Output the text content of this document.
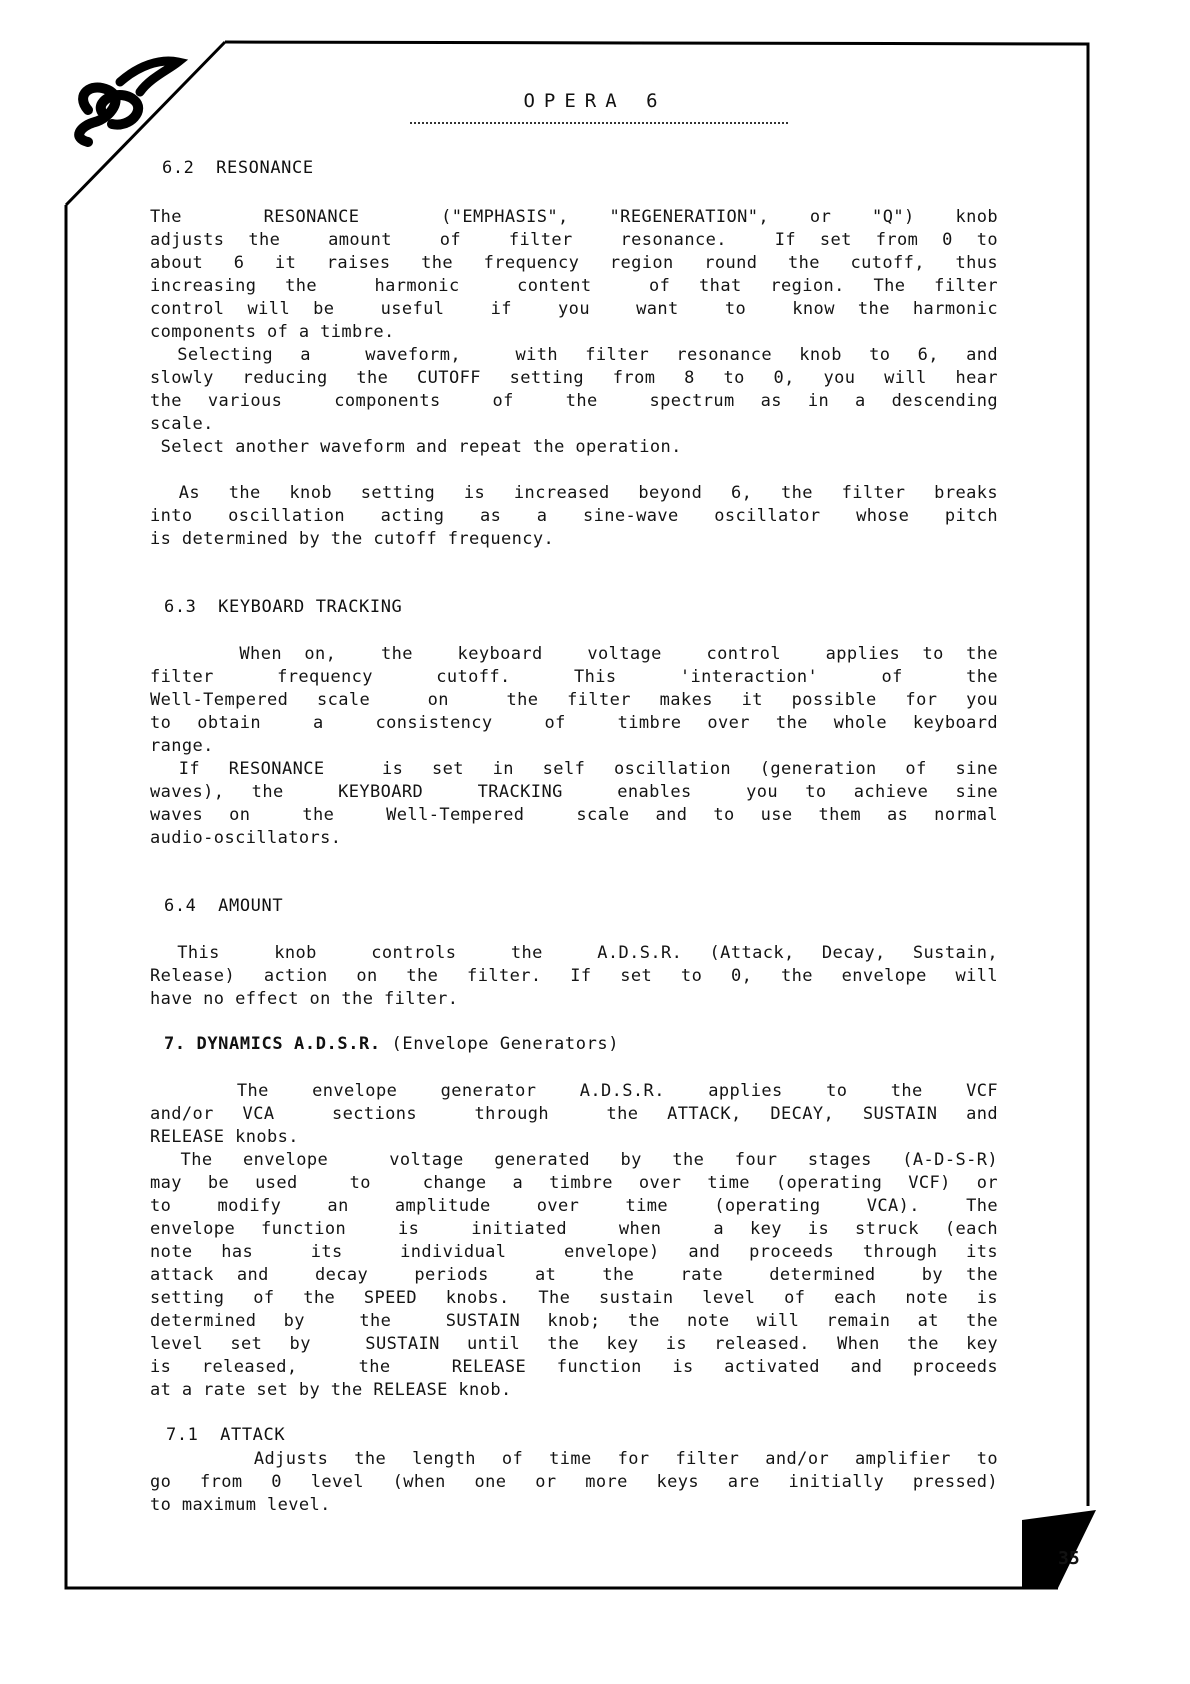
OPERA 6
6.2  RESONANCE
The  RESONANCE  ("EMPHASIS", "REGENERATION", or "Q") knob
adjusts the  amount  of  filter  resonance.  If set from 0 to
about 6 it raises the frequency region round the cutoff, thus
increasing the  harmonic  content  of that region. The filter
control will be  useful  if  you  want  to  know the harmonic
components of a timbre.
Selecting a  waveform,  with filter resonance knob to 6, and
slowly reducing the CUTOFF setting from 8 to 0, you will hear
the various  components  of  the  spectrum as in a descending
scale.
Select another waveform and repeat the operation.
As the knob setting is increased beyond 6, the filter breaks
into oscillation acting as a sine-wave oscillator whose pitch
is determined by the cutoff frequency.
6.3  KEYBOARD TRACKING
When on,  the  keyboard  voltage  control  applies to the
filter  frequency  cutoff.  This  'interaction'  of  the
Well-Tempered scale  on  the filter makes it possible for you
to obtain  a  consistency  of  timbre over the whole keyboard
range.
If RESONANCE  is set in self oscillation (generation of sine
waves), the  KEYBOARD  TRACKING  enables  you to achieve sine
waves on  the  Well-Tempered  scale and to use them as normal
audio-oscillators.
6.4  AMOUNT
This  knob  controls  the  A.D.S.R. (Attack, Decay, Sustain,
Release) action on the filter. If set to 0, the envelope will
have no effect on the filter.
7. DYNAMICS A.D.S.R. (Envelope Generators)
The  envelope  generator  A.D.S.R.  applies  to  the  VCF
and/or VCA  sections  through  the ATTACK, DECAY, SUSTAIN and
RELEASE knobs.
The envelope  voltage generated by the four stages (A-D-S-R)
may be used  to  change a timbre over time (operating VCF) or
to  modify  an  amplitude  over  time  (operating  VCA).  The
envelope function  is  initiated  when  a key is struck (each
note has  its  individual  envelope) and proceeds through its
attack and  decay  periods  at  the  rate  determined  by the
setting of the SPEED knobs. The sustain level of each note is
determined by  the  SUSTAIN knob; the note will remain at the
level set by  SUSTAIN until the key is released. When the key
is released,  the  RELEASE function is activated and proceeds
at a rate set by the RELEASE knob.
7.1  ATTACK
Adjusts the length of time for filter and/or amplifier to
go from 0 level (when one or more keys are initially pressed)
to maximum level.
35
